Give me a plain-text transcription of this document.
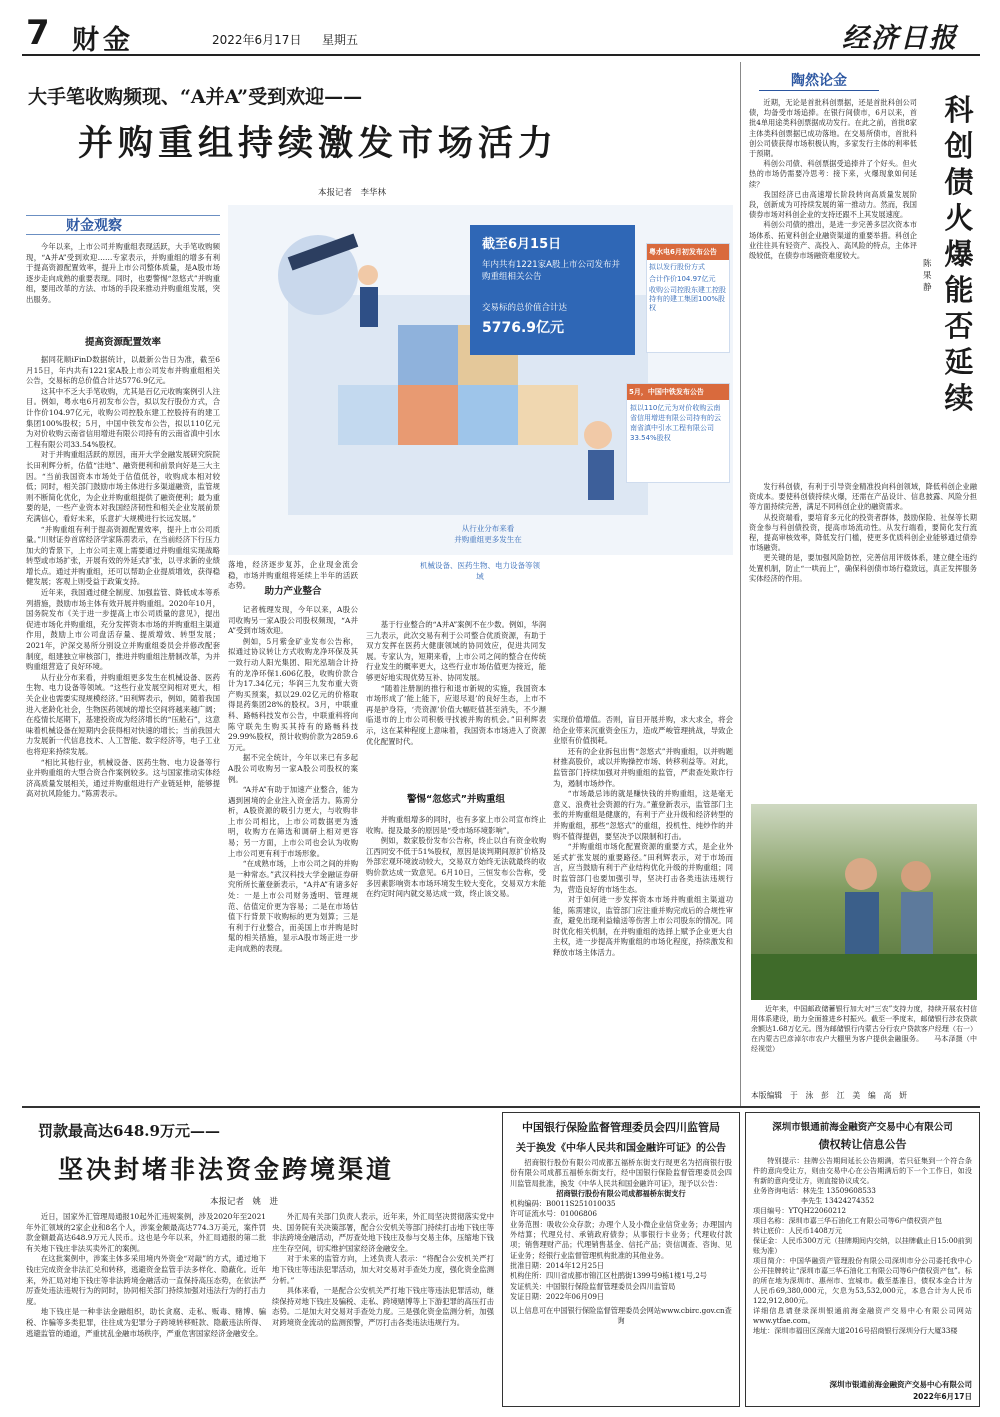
7 财金	2022年6月17日 星期五	经济日报
大手笔收购频现、“A并A”受到欢迎——
并购重组持续激发市场活力
本报记者　李华林
财金观察

今年以来，上市公司并购重组表现活跃，大手笔收购频现，“A并A”受到欢迎……专家表示，并购重组的增多有利于提高资源配置效率，提升上市公司整体质量，是A股市场逐步走向成熟的重要表现。同时，也要警惕“忽悠式”并购重组，要用改革的方法、市场的手段来推动并购重组发展，突出服务。

提高资源配置效率

据同花顺iFinD数据统计，以最新公告日为准，截至6月15日，年内共有1221家A股上市公司发布并购重组相关公告，交易标的总价值合计达5776.9亿元。

这其中不乏大手笔收购，尤其是百亿元收购案例引人注目。例如，粤水电6月初发布公告，拟以发行股份方式，合计作价104.97亿元，收购公司控股东建工控股持有的建工集团100%股权；5月，中国中铁发布公告，拟以110亿元为对价收购云南省信用增进有限公司持有的云南省滇中引水工程有限公司33.54%股权。

对于并购重组活跃的原因，南开大学金融发展研究院院长田利辉分析，估值“洼地”、融资便利和前景向好是三大主因。“当前我国资本市场处于估值低谷，收购成本相对较低；同时，相关部门鼓励市场主体进行多渠道融资，监管规则不断简化优化，为企业并购重组提供了融资便利；最为重要的是，一些产业资本对我国经济韧性和相关企业发展前景充满信心，看好未来，乐意扩大规模进行长远发展。”

“并购重组有利于提高资源配置效率，提升上市公司质量。”川财证券首席经济学家陈雳表示，在当前经济下行压力加大的背景下，上市公司主观上需要通过并购重组实现战略转型或市场扩张，开展有效的外延式扩张，以寻求新的业绩增长点。通过并购重组，还可以帮助企业提质增效，获得稳健发展；客观上则受益于政策支持。

近年来，我国通过健全制度、加强监管、降低成本等系列措施，鼓励市场主体有效开展并购重组。2020年10月，国务院发布《关于进一步提高上市公司质量的意见》，提出促进市场化并购重组，充分发挥资本市场的并购重组主渠道作用，鼓励上市公司盘活存量、提质增效、转型发展；2021年，沪深交易所分别设立并购重组委员会并修改配套制度，组建独立审核部门，推进并购重组注册制改革，为并购重组营造了良好环境。

从行业分布来看，并购重组更多发生在机械设备、医药生物、电力设备等领域。“这些行业发展空间相对更大，相关企业也需要实现规模经济。”田利辉表示，例如，随着我国进入老龄化社会，生物医药领域的增长空间将越来越广阔；在疫情长尾期下，基建投资成为经济增长的“压舱石”，这意味着机械设备在短期内会获得相对快速的增长；当前我国大力发展新一代信息技术、人工智能、数字经济等，电子工业也将迎来持续发展。

“相比其他行业，机械设备、医药生物、电力设备等行业并购重组的大型合资合作案例较多。这与国家推动实体经济高质量发展相关，通过并购重组进行产业链延伸，能够提高对抗风险能力。”陈雳表示。

截至6月15日
年内共有1221家A股上市公司发布并购重组相关公告
交易标的总价值合计达
5776.9亿元
粤水电6月初发布公告
拟以发行股份方式
合计作价104.97亿元
收购公司控股东建工控股持有的建工集团100%股权
5月，中国中铁发布公告
拟以110亿元为对价收购云南省信用增进有限公司持有的云南省滇中引水工程有限公司33.54%股权
从行业分布来看
并购重组更多发生在

落地，经济逐步复苏，企业现金流会稳，市场并购重组将延续上半年的活跃态势。

机械设备、医药生物、电力设备等领域
助力产业整合

记者梳理发现，今年以来，A股公司收购另一家A股公司股权频现，“A并A”受到市场欢迎。

例如，5月紫金矿业发布公告称，拟通过协议转让方式收购龙净环保及其一致行动人阳光集团、阳光泓瑞合计持有的龙净环保1.606亿股，收购价款合计为17.34亿元；华润三九发布重大资产购买预案，拟以29.02亿元的价格取得昆药集团28%的股权。3月，中联重科、路畅科技发布公告，中联重科将向陈守联先生购买其持有的路畅科技29.99%股权，预计收购价款为2859.6万元。

据不完全统计，今年以来已有多起A股公司收购另一家A股公司股权的案例。

“A并A”有助于加速产业整合，能为遇到困境的企业注入资金活力。陈雳分析，A股资源的吸引力更大，与收购非上市公司相比，上市公司数据更为透明，收购方在筛选和调研上相对更容易；另一方面，上市公司也会认为收购上市公司更有利于市场形象。

“在成熟市场，上市公司之间的并购是一种常态。”武汉科技大学金融证券研究所所长董登新表示，“A并A”有诸多好处：一是上市公司财务透明、管理规范、估值定价更为容易；二是在市场估值下行背景下收购标的更为划算；三是有利于行业整合，而美国上市并购是时髦的相关措施，显示A股市场正进一步走向成熟的表现。

基于行业整合的“A并A”案例不在少数。例如，华润三九表示，此次交易有利于公司整合优质资源，有助于双方发挥在医药大健康领域的协同效应，促进共同发展。专家认为，短期来看，上市公司之间的整合在传统行业发生的概率更大，这些行业市场估值更为接近，能够更好地实现优势互补、协同发展。

“随着注册制的推行和退市新规的实施，我国资本市场形成了‘能上能下，应退尽退’的良好生态，上市不再是护身符，‘壳资源’价值大幅贬值甚至消失，不少濒临退市的上市公司积极寻找被并购的机会。”田利辉表示，这在某种程度上意味着，我国资本市场进入了资源优化配置时代。

警惕“忽悠式”并购重组

并购重组增多的同时，也有多家上市公司宣布终止收购。提及最多的原因是“受市场环境影响”。

例如，数家股份发布公告称，终止以自有资金收购江西同安不低于51%股权，原因是谈判期间原扩价格及外部宏观环境波动较大，交易双方始终无法就最终的收购价款达成一致意见。6月10日，三恒发布公告称，受多因素影响资本市场环境发生较大变化，交易双方未能在约定时间内就交易达成一致，终止该交易。

实现价值增值。否则，盲目开展并购，求大求全，将会给企业带来沉重资金压力，造成严峻管理挑战，导致企业原有价值损耗。

还有的企业拆包出售“忽悠式”并购重组，以并购题材推高股价，或以并购操控市场、转移利益等。对此，监管部门持续加强对并购重组的监管，严肃查处欺诈行为，遏制市场炒作。

“市场最忌讳的就是赚快钱的并购重组，这是毫无意义、浪费社会资源的行为。”董登新表示，监管部门主张的并购重组是健康的，有利于产业升级和经济转型的并购重组，那些“忽悠式”的重组，投机性、纯炒作的并购不值得提倡，要坚决予以限制和打击。

“并购重组市场化配置资源的重要方式，是企业外延式扩张发展的重要路径。”田利辉表示，对于市场而言，应当鼓励有利于产业结构优化升级的并购重组；同时监管部门也要加强引导，坚决打击各类违法违规行为，营造良好的市场生态。

对于如何进一步发挥资本市场并购重组主渠道功能，陈雳建议，监管部门应注重并购完成后的合规性审查，避免出现利益输送等伤害上市公司股东的情况。同时优化相关机制，在并购重组的选择上赋予企业更大自主权，进一步提高并购重组的市场化程度，持续激发和释放市场主体活力。

陶然论金
科创债火爆能否延续
陈果静

近期，无论是首批科创票据，还是首批科创公司债，均备受市场追捧。在银行间债市，6月以来，首批4单用途类科创票据成功发行。在此之前，首批8家主体类科创票据已成功落地。在交易所债市，首批科创公司债获得市场积极认购，多家发行主体的利率低于预期。

科创公司债、科创票据受追捧并了个好头。但火热的市场仍需要冷思考：接下来，火爆现象如何延续？

我国经济已由高速增长阶段转向高质量发展阶段，创新成为可持续发展的第一推动力。然而，我国债券市场对科创企业的支持还跟不上其发展速度。

科创公司债的推出，是进一步完善多层次资本市场体系、拓宽科创企业融资渠道的重要举措。科创企业往往具有轻资产、高投入、高风险的特点，主体评级较低，在债券市场融资难度较大。

发行科创债，有利于引导资金精准投向科创领域，降低科创企业融资成本。要使科创债持续火爆，还需在产品设计、信息披露、风险分担等方面持续完善，满足不同科创企业的融资需求。

从投资端看，要培育多元化的投资者群体，鼓励保险、社保等长期资金参与科创债投资，提高市场流动性。从发行端看，要简化发行流程，提高审核效率，降低发行门槛，使更多优质科创企业能够通过债券市场融资。

更关键的是，要加强风险防控，完善信用评级体系，建立健全违约处置机制，防止“一哄而上”，确保科创债市场行稳致远，真正发挥服务实体经济的作用。

近年来，中国邮政储蓄银行加大对“三农”支持力度，持续开展农村信用体系建设，助力全面推进乡村振兴。截至一季度末，邮储银行涉农贷款余额达1.68万亿元。图为邮储银行内蒙古分行农户贷款客户经理（右一）在内蒙古巴彦淖尔市农户大棚里为客户提供金融服务。　　马本泽摄（中经视觉）

本版编辑　于　泳　彭　江　美　编　高　妍
罚款最高达648.9万元——
坚决封堵非法资金跨境渠道
本报记者　姚　进

近日，国家外汇管理局通报10起外汇违规案例，涉及2020年至2021年外汇领域的2家企业和8名个人，涉案金额最高达774.3万美元，案件罚款金额最高达648.9万元人民币。这也是今年以来，外汇局通报的第二批有关地下钱庄非法买卖外汇的案例。

在这批案例中，涉案主体多采用境内外资金“对敲”的方式，通过地下钱庄完成资金非法汇兑和转移，逃避资金监管手法多样化、隐蔽化。近年来，外汇局对地下钱庄等非法跨境金融活动一直保持高压态势，在依法严厉查处违法违规行为的同时，协同相关部门持续加强对违法行为的打击力度。

地下钱庄是一种非法金融组织，助长贪腐、走私、贩毒、赌博、骗税、诈骗等多类犯罪，往往成为犯罪分子跨境转移赃款、隐蔽违法所得、逃避监管的通道，严重扰乱金融市场秩序，严重危害国家经济金融安全。

外汇局有关部门负责人表示，近年来，外汇局坚决贯彻落实党中央、国务院有关决策部署，配合公安机关等部门持续打击地下钱庄等非法跨境金融活动，严厉查处地下钱庄及参与交易主体，压缩地下钱庄生存空间，切实维护国家经济金融安全。

对于未来的监管方向，上述负责人表示：“将配合公安机关严打地下钱庄等违法犯罪活动，加大对交易对手查处力度，强化资金监测分析。”

具体来看，一是配合公安机关严打地下钱庄等违法犯罪活动，继续保持对地下钱庄及骗税、走私、跨境赌博等上下游犯罪的高压打击态势。二是加大对交易对手查处力度。三是强化资金监测分析，加强对跨境资金流动的监测预警，严厉打击各类违法违规行为。

中国银行保险监督管理委员会四川监管局
关于换发《中华人民共和国金融许可证》的公告

招商银行股份有限公司成都五福桥东街支行现更名为招商银行股份有限公司成都五福桥东街支行，经中国银行保险监督管理委员会四川监管局批准，换发《中华人民共和国金融许可证》，现予以公告：

招商银行股份有限公司成都福桥东街支行
机构编码：B0011S251010035
许可证流水号：01006806
业务范围：吸收公众存款；办理个人及小微企业信贷业务；办理国内外结算；代理兑付、承销政府债券；从事银行卡业务；代理收付款项；销售理财产品；代理销售基金、信托产品；资信调查、咨询、见证业务；经银行业监督管理机构批准的其他业务。
批准日期：2014年12月25日
机构住所：四川省成都市锦江区杜鹃街1399号9栋1楼1号,2号
发证机关：中国银行保险监督管理委员会四川监管局
发证日期：2022年06月09日
以上信息可在中国银行保险监督管理委员会网站www.cbirc.gov.cn查询
深圳市银通前海金融资产交易中心有限公司
债权转让信息公告

特别提示：挂牌公告期间延长公告期满，若只征集到一个符合条件的意向受让方，则由交易中心在公告期满后的下一个工作日，如没有新的意向受让方，则直接协议成交。

业务咨询电话：林先生 13509608533
李先生 13424274352
项目编号：YTQH22060212
项目名称：深圳市嘉三华石油化工有限公司等6户债权资产包
转让底价：人民币1408万元
保证金：人民币300万元（挂牌期间内交纳，以挂牌截止日15:00前到账为准）
项目简介：中国华融资产管理股份有限公司深圳市分公司委托我中心公开挂牌转让“深圳市嘉三华石油化工有限公司等6户债权资产包”。标的所在地为深圳市、惠州市、宜城市。截至基准日，债权本金合计为人民币69,380,000元，欠息为53,532,000元，本息合计为人民币122,912,800元。
详细信息请登录深圳银通前海金融资产交易中心有限公司网站www.ytfae.com。
地址：深圳市福田区深南大道2016号招商银行深圳分行大厦33楼
深圳市银通前海金融资产交易中心有限公司
2022年6月17日
